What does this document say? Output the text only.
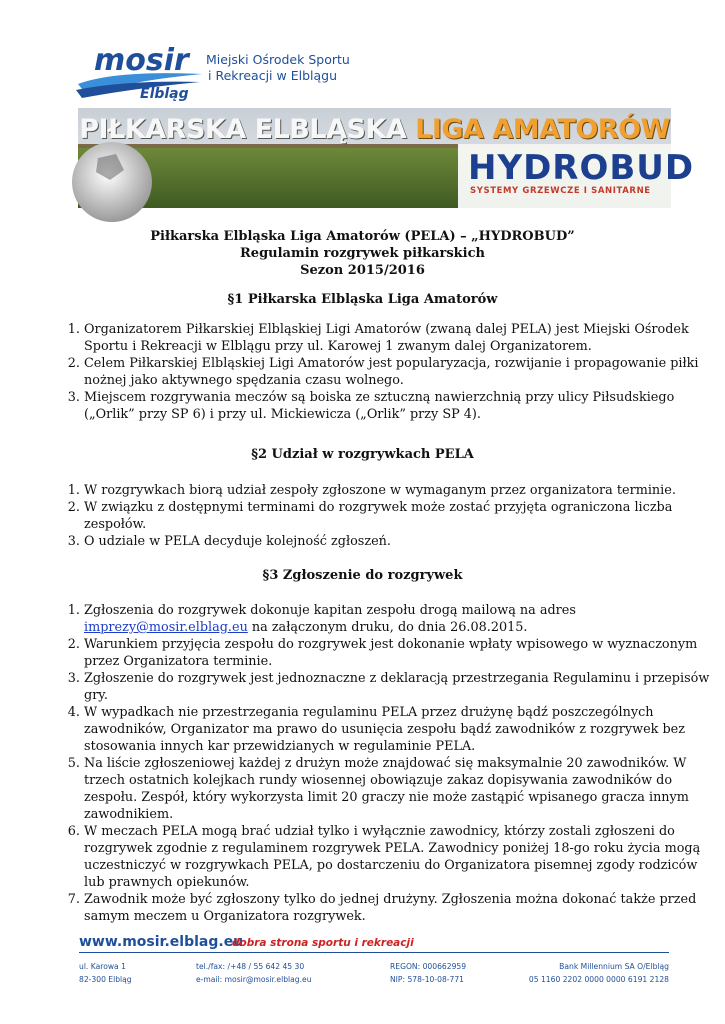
mosir
Elbląg
Miejski Ośrodek Sportu
i Rekreacji w Elblągu
PIŁKARSKA ELBLĄSKA LIGA AMATORÓW
HYDROBUD
SYSTEMY GRZEWCZE I SANITARNE
Piłkarska Elbląska Liga Amatorów (PELA) – „HYDROBUD”
Regulamin rozgrywek piłkarskich
Sezon 2015/2016
§1 Piłkarska Elbląska Liga Amatorów
1. Organizatorem Piłkarskiej Elbląskiej Ligi Amatorów (zwaną dalej PELA) jest Miejski Ośrodek Sportu i Rekreacji w Elblągu przy ul. Karowej 1 zwanym dalej Organizatorem.
2. Celem Piłkarskiej Elbląskiej Ligi Amatorów jest popularyzacja, rozwijanie i propagowanie piłki nożnej jako aktywnego spędzania czasu wolnego.
3. Miejscem rozgrywania meczów są boiska ze sztuczną nawierzchnią przy ulicy Piłsudskiego („Orlik” przy SP 6) i przy ul. Mickiewicza („Orlik” przy SP 4).
§2 Udział w rozgrywkach PELA
1. W rozgrywkach biorą udział zespoły zgłoszone w wymaganym przez organizatora terminie.
2. W związku z dostępnymi terminami do rozgrywek może zostać przyjęta ograniczona liczba zespołów.
3. O udziale w PELA decyduje kolejność zgłoszeń.
§3 Zgłoszenie do rozgrywek
1. Zgłoszenia do rozgrywek dokonuje kapitan zespołu drogą mailową na adres imprezy@mosir.elblag.eu na załączonym druku, do dnia 26.08.2015.
2. Warunkiem przyjęcia zespołu do rozgrywek jest dokonanie wpłaty wpisowego w wyznaczonym przez Organizatora terminie.
3. Zgłoszenie do rozgrywek jest jednoznaczne z deklaracją przestrzegania Regulaminu i przepisów gry.
4. W wypadkach nie przestrzegania regulaminu PELA przez drużynę bądź poszczególnych zawodników, Organizator ma prawo do usunięcia zespołu bądź zawodników z rozgrywek bez stosowania innych kar przewidzianych w regulaminie PELA.
5. Na liście zgłoszeniowej każdej z drużyn może znajdować się maksymalnie 20 zawodników. W trzech ostatnich kolejkach rundy wiosennej obowiązuje zakaz dopisywania zawodników do zespołu. Zespół, który wykorzysta limit 20 graczy nie może zastąpić wpisanego gracza innym zawodnikiem.
6. W meczach PELA mogą brać udział tylko i wyłącznie zawodnicy, którzy zostali zgłoszeni do rozgrywek zgodnie z regulaminem rozgrywek PELA. Zawodnicy poniżej 18-go roku życia mogą uczestniczyć w rozgrywkach PELA, po dostarczeniu do Organizatora pisemnej zgody rodziców lub prawnych opiekunów.
7. Zawodnik może być zgłoszony tylko do jednej drużyny. Zgłoszenia można dokonać także przed samym meczem u Organizatora rozgrywek.
www.mosir.elblag.eu
dobra strona sportu i rekreacji
ul. Karowa 1
82-300 Elbląg
tel./fax: /+48 / 55 642 45 30
e-mail: mosir@mosir.elblag.eu
REGON: 000662959
NIP: 578-10-08-771
Bank Millennium SA O/Elbląg
05 1160 2202 0000 0000 6191 2128
